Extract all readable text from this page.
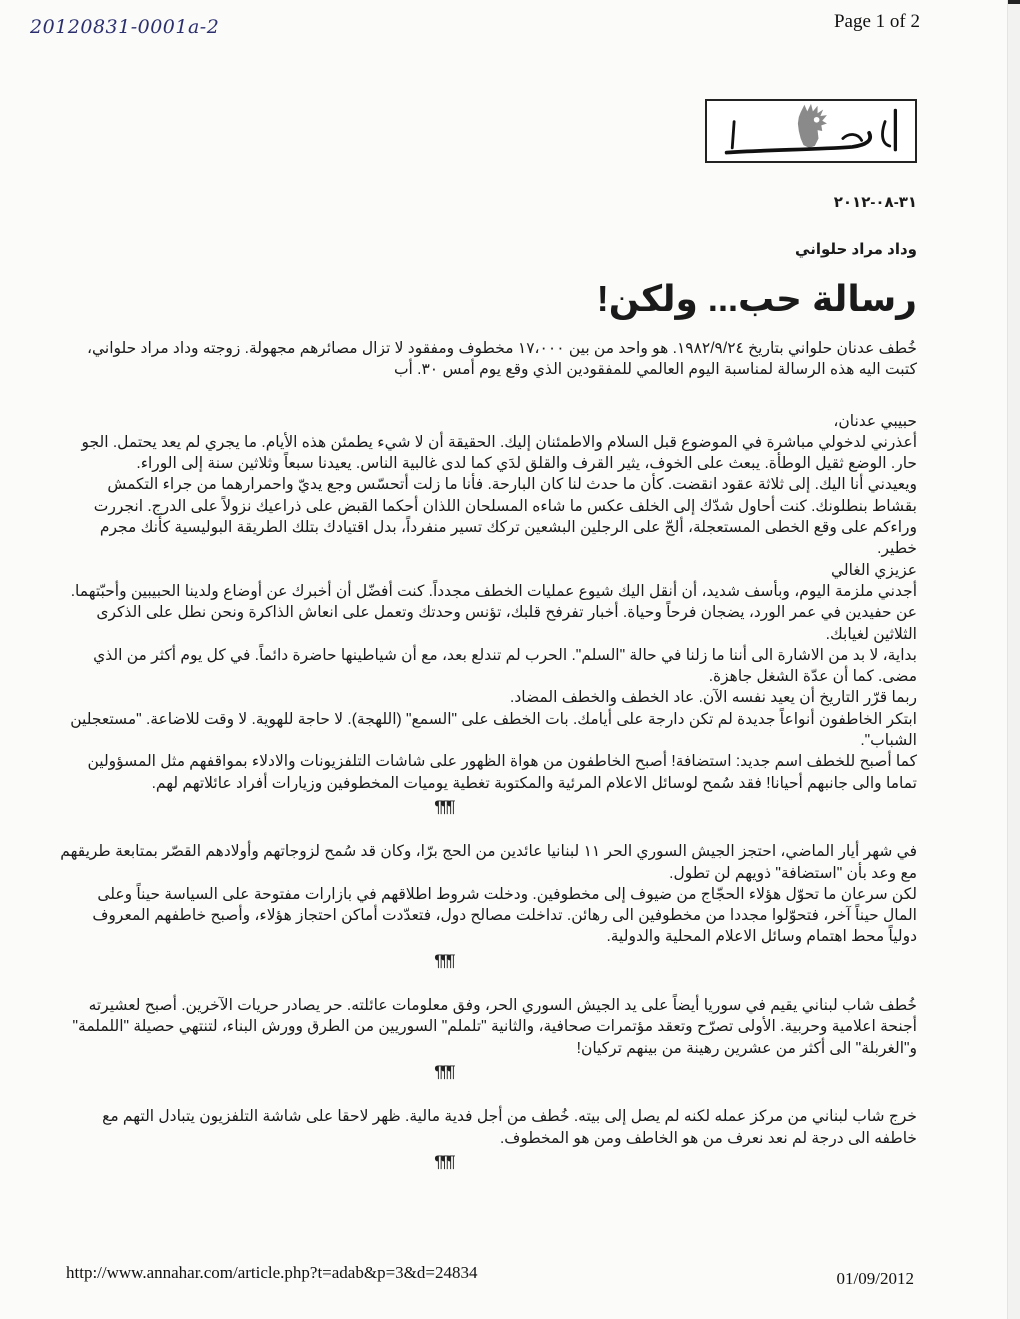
20120831-0001a-2	Page 1 of 2
٣١-٠٨-٢٠١٢
وداد مراد حلواني
رسالة حب... ولكن!

خُطف عدنان حلواني بتاريخ ١٩٨٢/٩/٢٤. هو واحد من بين ١٧،٠٠٠ مخطوف ومفقود لا تزال مصائرهم مجهولة. زوجته وداد مراد حلواني، كتبت اليه هذه الرسالة لمناسبة اليوم العالمي للمفقودين الذي وقع يوم أمس ٣٠. أب

حبيبي عدنان،

أعذرني لدخولي مباشرة في الموضوع قبل السلام والاطمئنان إليك. الحقيقة أن لا شيء يطمئن هذه الأيام. ما يجري لم يعد يحتمل. الجو حار. الوضع ثقيل الوطأة. يبعث على الخوف، يثير القرف والقلق لدَي كما لدى غالبية الناس. يعيدنا سبعاً وثلاثين سنة إلى الوراء.

ويعيدني أنا اليك. إلى ثلاثة عقود انقضت. كأن ما حدث لنا كان البارحة. فأنا ما زلت أتحسّس وجع يديّ واحمرارهما من جراء التكمش بقشاط بنطلونك. كنت أحاول شدّك إلى الخلف عكس ما شاءه المسلحان اللذان أحكما القبض على ذراعيك نزولاً على الدرج. انجررت وراءكم على وقع الخطى المستعجلة، ألحّ على الرجلين البشعين تركك تسير منفرداً، بدل اقتيادك بتلك الطريقة البوليسية كأنك مجرم خطير.

عزيزي الغالي

أجدني ملزمة اليوم، وبأسف شديد، أن أنقل اليك شيوع عمليات الخطف مجدداً. كنت أفضّل أن أخبرك عن أوضاع ولدينا الحبيبين وأحبّتهما. عن حفيدين في عمر الورد، يضجان فرحاً وحياة. أخبار تفرفح قلبك، تؤنس وحدتك وتعمل على انعاش الذاكرة ونحن نطل على الذكرى الثلاثين لغيابك.

بداية، لا بد من الاشارة الى أننا ما زلنا في حالة "السلم". الحرب لم تندلع بعد، مع أن شياطينها حاضرة دائماً. في كل يوم أكثر من الذي مضى. كما أن عدّة الشغل جاهزة.

ربما قرّر التاريخ أن يعيد نفسه الآن. عاد الخطف والخطف المضاد.

ابتكر الخاطفون أنواعاً جديدة لم تكن دارجة على أيامك. بات الخطف على "السمع" (اللهجة). لا حاجة للهوية. لا وقت للاضاعة. "مستعجلين الشباب".

كما أصبح للخطف اسم جديد: استضافة! أصبح الخاطفون من هواة الظهور على شاشات التلفزيونات والادلاء بمواقفهم مثل المسؤولين تماما والى جانبهم أحيانا! فقد سُمح لوسائل الاعلام المرئية والمكتوبة تغطية يوميات المخطوفين وزيارات أفراد عائلاتهم لهم.

¶¶¶

في شهر أيار الماضي، احتجز الجيش السوري الحر ١١ لبنانيا عائدين من الحج برّا، وكان قد سُمح لزوجاتهم وأولادهم القصّر بمتابعة طريقهم مع وعد بأن "استضافة" ذويهم لن تطول.

لكن سرعان ما تحوّل هؤلاء الحجّاج من ضيوف إلى مخطوفين. ودخلت شروط اطلاقهم في بازارات مفتوحة على السياسة حيناً وعلى المال حيناً آخر، فتحوّلوا مجددا من مخطوفين الى رهائن. تداخلت مصالح دول، فتعدّدت أماكن احتجاز هؤلاء، وأصبح خاطفهم المعروف دولياً محط اهتمام وسائل الاعلام المحلية والدولية.

¶¶¶

خُطف شاب لبناني يقيم في سوريا أيضاً على يد الجيش السوري الحر، وفق معلومات عائلته. حر يصادر حريات الآخرين. أصبح لعشيرته أجنحة اعلامية وحربية. الأولى تصرّح وتعقد مؤتمرات صحافية، والثانية "تلملم" السوريين من الطرق وورش البناء، لتنتهي حصيلة "اللملمة" و"الغربلة" الى أكثر من عشرين رهينة من بينهم تركيان!

¶¶¶

خرج شاب لبناني من مركز عمله لكنه لم يصل إلى بيته. خُطف من أجل فدية مالية. ظهر لاحقا على شاشة التلفزيون يتبادل التهم مع خاطفه الى درجة لم نعد نعرف من هو الخاطف ومن هو المخطوف.

¶¶¶
http://www.annahar.com/article.php?t=adab&p=3&d=24834	01/09/2012
